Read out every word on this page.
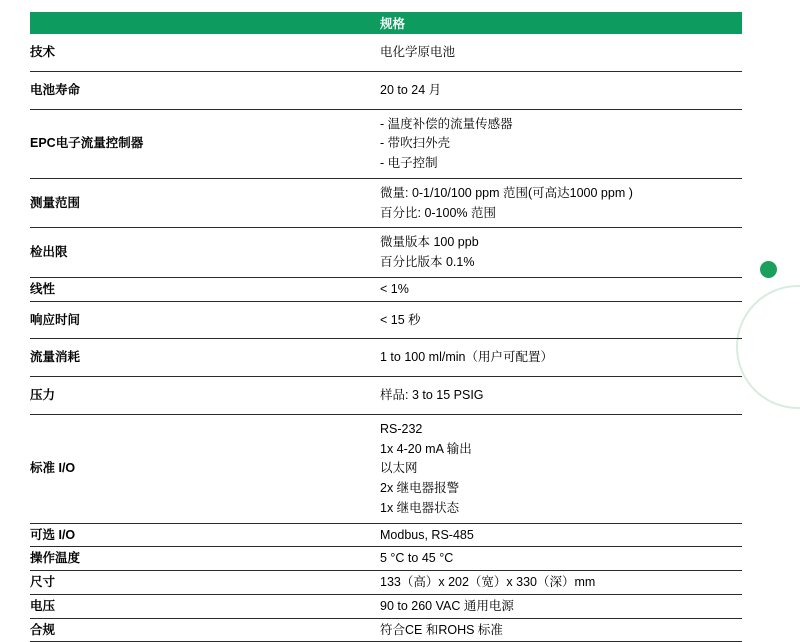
	规格
技术	电化学原电池

电池寿命	20 to 24 月

EPC电子流量控制器	- 温度补偿的流量传感器
- 带吹扫外壳
- 电子控制

测量范围	微量: 0-1/10/100 ppm 范围(可高达1000 ppm )
百分比: 0-100% 范围

检出限	微量版本 100 ppb
百分比版本 0.1%

线性	< 1%

响应时间	< 15 秒

流量消耗	1 to 100 ml/min（用户可配置）

压力	样品: 3 to 15 PSIG

标准 I/O	RS-232
1x 4-20 mA 输出
以太网
2x 继电器报警
1x 继电器状态

可选 I/O	Modbus, RS-485

操作温度	5 °C to 45 °C

尺寸	133（高）x 202（宽）x 330（深）mm

电压	90 to 260 VAC 通用电源

合规	符合CE 和ROHS 标准
